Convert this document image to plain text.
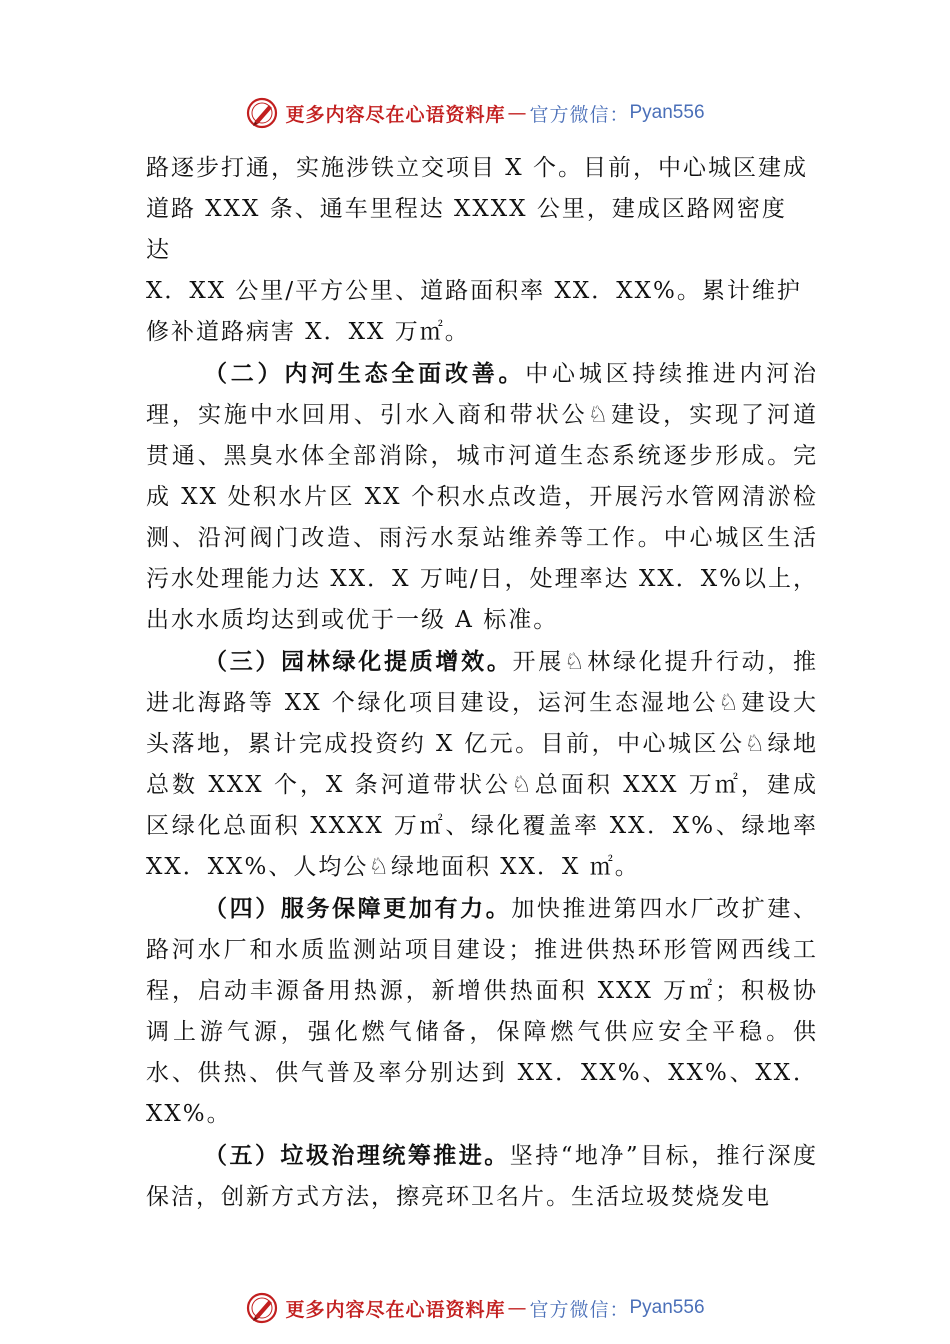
更多内容尽在心语资料库 — 官方微信： Pyan556

路逐步打通，实施涉铁立交项目 X 个。目前，中心城区建成
道路 XXX 条、通车里程达 XXXX 公里，建成区路网密度
达
X．XX 公里/平方公里、道路面积率 XX．XX%。累计维护
修补道路病害 X．XX 万㎡。

（二）内河生态全面改善。中心城区持续推进内河治理，实施中水回用、引水入商和带状公♘建设，实现了河道贯通、黑臭水体全部消除，城市河道生态系统逐步形成。完成 XX 处积水片区 XX 个积水点改造，开展污水管网清淤检测、沿河阀门改造、雨污水泵站维养等工作。中心城区生活污水处理能力达 XX．X 万吨/日，处理率达 XX．X%以上，出水水质均达到或优于一级 A 标准。

（三）园林绿化提质增效。开展♘林绿化提升行动，推进北海路等 XX 个绿化项目建设，运河生态湿地公♘建设大头落地，累计完成投资约 X 亿元。目前，中心城区公♘绿地总数 XXX 个，X 条河道带状公♘总面积 XXX 万㎡，建成区绿化总面积 XXXX 万㎡、绿化覆盖率 XX．X%、绿地率 XX．XX%、人均公♘绿地面积 XX．X ㎡。

（四）服务保障更加有力。加快推进第四水厂改扩建、路河水厂和水质监测站项目建设；推进供热环形管网西线工程，启动丰源备用热源，新增供热面积 XXX 万㎡；积极协调上游气源，强化燃气储备，保障燃气供应安全平稳。供水、供热、供气普及率分别达到 XX．XX%、XX%、XX．XX%。

（五）垃圾治理统筹推进。坚持“地净”目标，推行深度保洁，创新方式方法，擦亮环卫名片。生活垃圾焚烧发电

更多内容尽在心语资料库 — 官方微信： Pyan556
